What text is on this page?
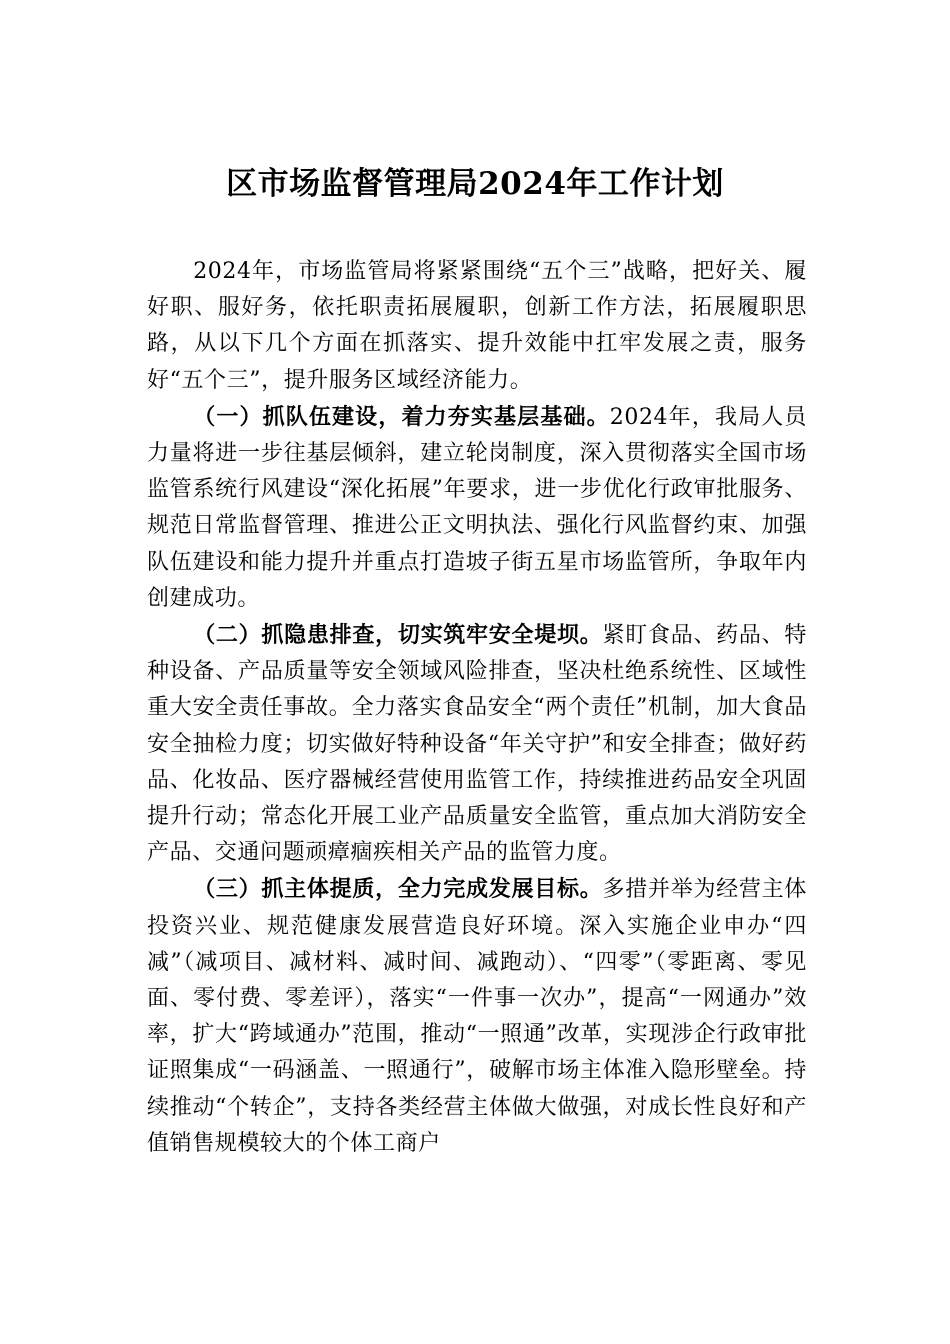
区市场监督管理局2024年工作计划

2024年，市场监管局将紧紧围绕“五个三”战略，把好关、履好职、服好务，依托职责拓展履职，创新工作方法，拓展履职思路，从以下几个方面在抓落实、提升效能中扛牢发展之责，服务好“五个三”，提升服务区域经济能力。

（一）抓队伍建设，着力夯实基层基础。2024年，我局人员力量将进一步往基层倾斜，建立轮岗制度，深入贯彻落实全国市场监管系统行风建设“深化拓展”年要求，进一步优化行政审批服务、规范日常监督管理、推进公正文明执法、强化行风监督约束、加强队伍建设和能力提升并重点打造坡子街五星市场监管所，争取年内创建成功。

（二）抓隐患排查，切实筑牢安全堤坝。紧盯食品、药品、特种设备、产品质量等安全领域风险排查，坚决杜绝系统性、区域性重大安全责任事故。全力落实食品安全“两个责任”机制，加大食品安全抽检力度；切实做好特种设备“年关守护”和安全排查；做好药品、化妆品、医疗器械经营使用监管工作，持续推进药品安全巩固提升行动；常态化开展工业产品质量安全监管，重点加大消防安全产品、交通问题顽瘴痼疾相关产品的监管力度。

（三）抓主体提质，全力完成发展目标。多措并举为经营主体投资兴业、规范健康发展营造良好环境。深入实施企业申办“四减”（减项目、减材料、减时间、减跑动）、“四零”（零距离、零见面、零付费、零差评），落实“一件事一次办”，提高“一网通办”效率，扩大“跨域通办”范围，推动“一照通”改革，实现涉企行政审批证照集成“一码涵盖、一照通行”，破解市场主体准入隐形壁垒。持续推动“个转企”，支持各类经营主体做大做强，对成长性良好和产值销售规模较大的个体工商户
